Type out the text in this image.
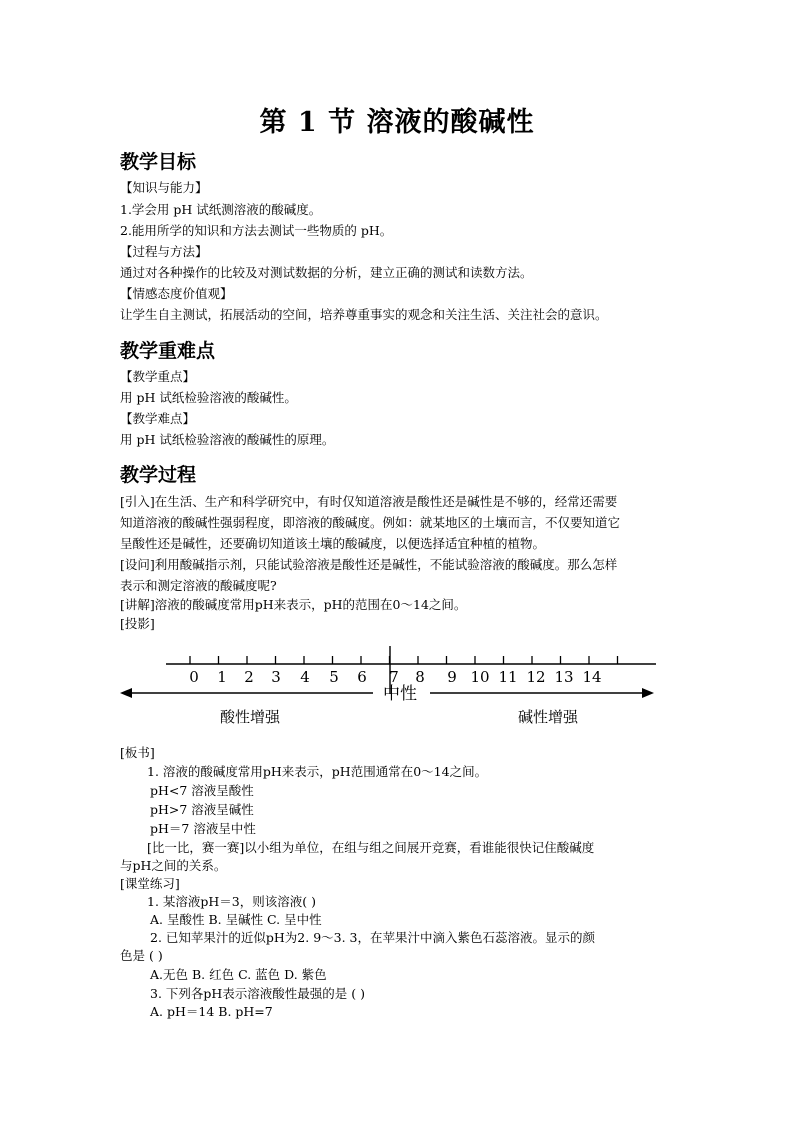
第 1 节 溶液的酸碱性
教学目标
【知识与能力】
1.学会用 pH 试纸测溶液的酸碱度。
2.能用所学的知识和方法去测试一些物质的 pH。
【过程与方法】
通过对各种操作的比较及对测试数据的分析，建立正确的测试和读数方法。
【情感态度价值观】
让学生自主测试，拓展活动的空间，培养尊重事实的观念和关注生活、关注社会的意识。
教学重难点
【教学重点】
用 pH 试纸检验溶液的酸碱性。
【教学难点】
用 pH 试纸检验溶液的酸碱性的原理。
教学过程
[引入]在生活、生产和科学研究中，有时仅知道溶液是酸性还是碱性是不够的，经常还需要
知道溶液的酸碱性强弱程度，即溶液的酸碱度。例如：就某地区的土壤而言，不仅要知道它
呈酸性还是碱性，还要确切知道该土壤的酸碱度，以便选择适宜种植的植物。
[设问]利用酸碱指示剂，只能试验溶液是酸性还是碱性，不能试验溶液的酸碱度。那么怎样
表示和测定溶液的酸碱度呢?
[讲解]溶液的酸碱度常用pH来表示，pH的范围在0～14之间。
[投影]
0 1 2 3 4 5 6 7 8 9 10 11 12 13 14
中性
酸性增强	碱性增强
[板书]
1. 溶液的酸碱度常用pH来表示，pH范围通常在0～14之间。
pH<7 溶液呈酸性
pH>7 溶液呈碱性
pH＝7 溶液呈中性
[比一比，赛一赛]以小组为单位，在组与组之间展开竞赛，看谁能很快记住酸碱度
与pH之间的关系。
[课堂练习]
1. 某溶液pH＝3，则该溶液( )
A. 呈酸性 B. 呈碱性 C. 呈中性
2. 已知苹果汁的近似pH为2. 9～3. 3，在苹果汁中滴入紫色石蕊溶液。显示的颜
色是 ( )
A.无色 B. 红色 C. 蓝色 D. 紫色
3. 下列各pH表示溶液酸性最强的是 ( )
A. pH＝14 B. pH=7
